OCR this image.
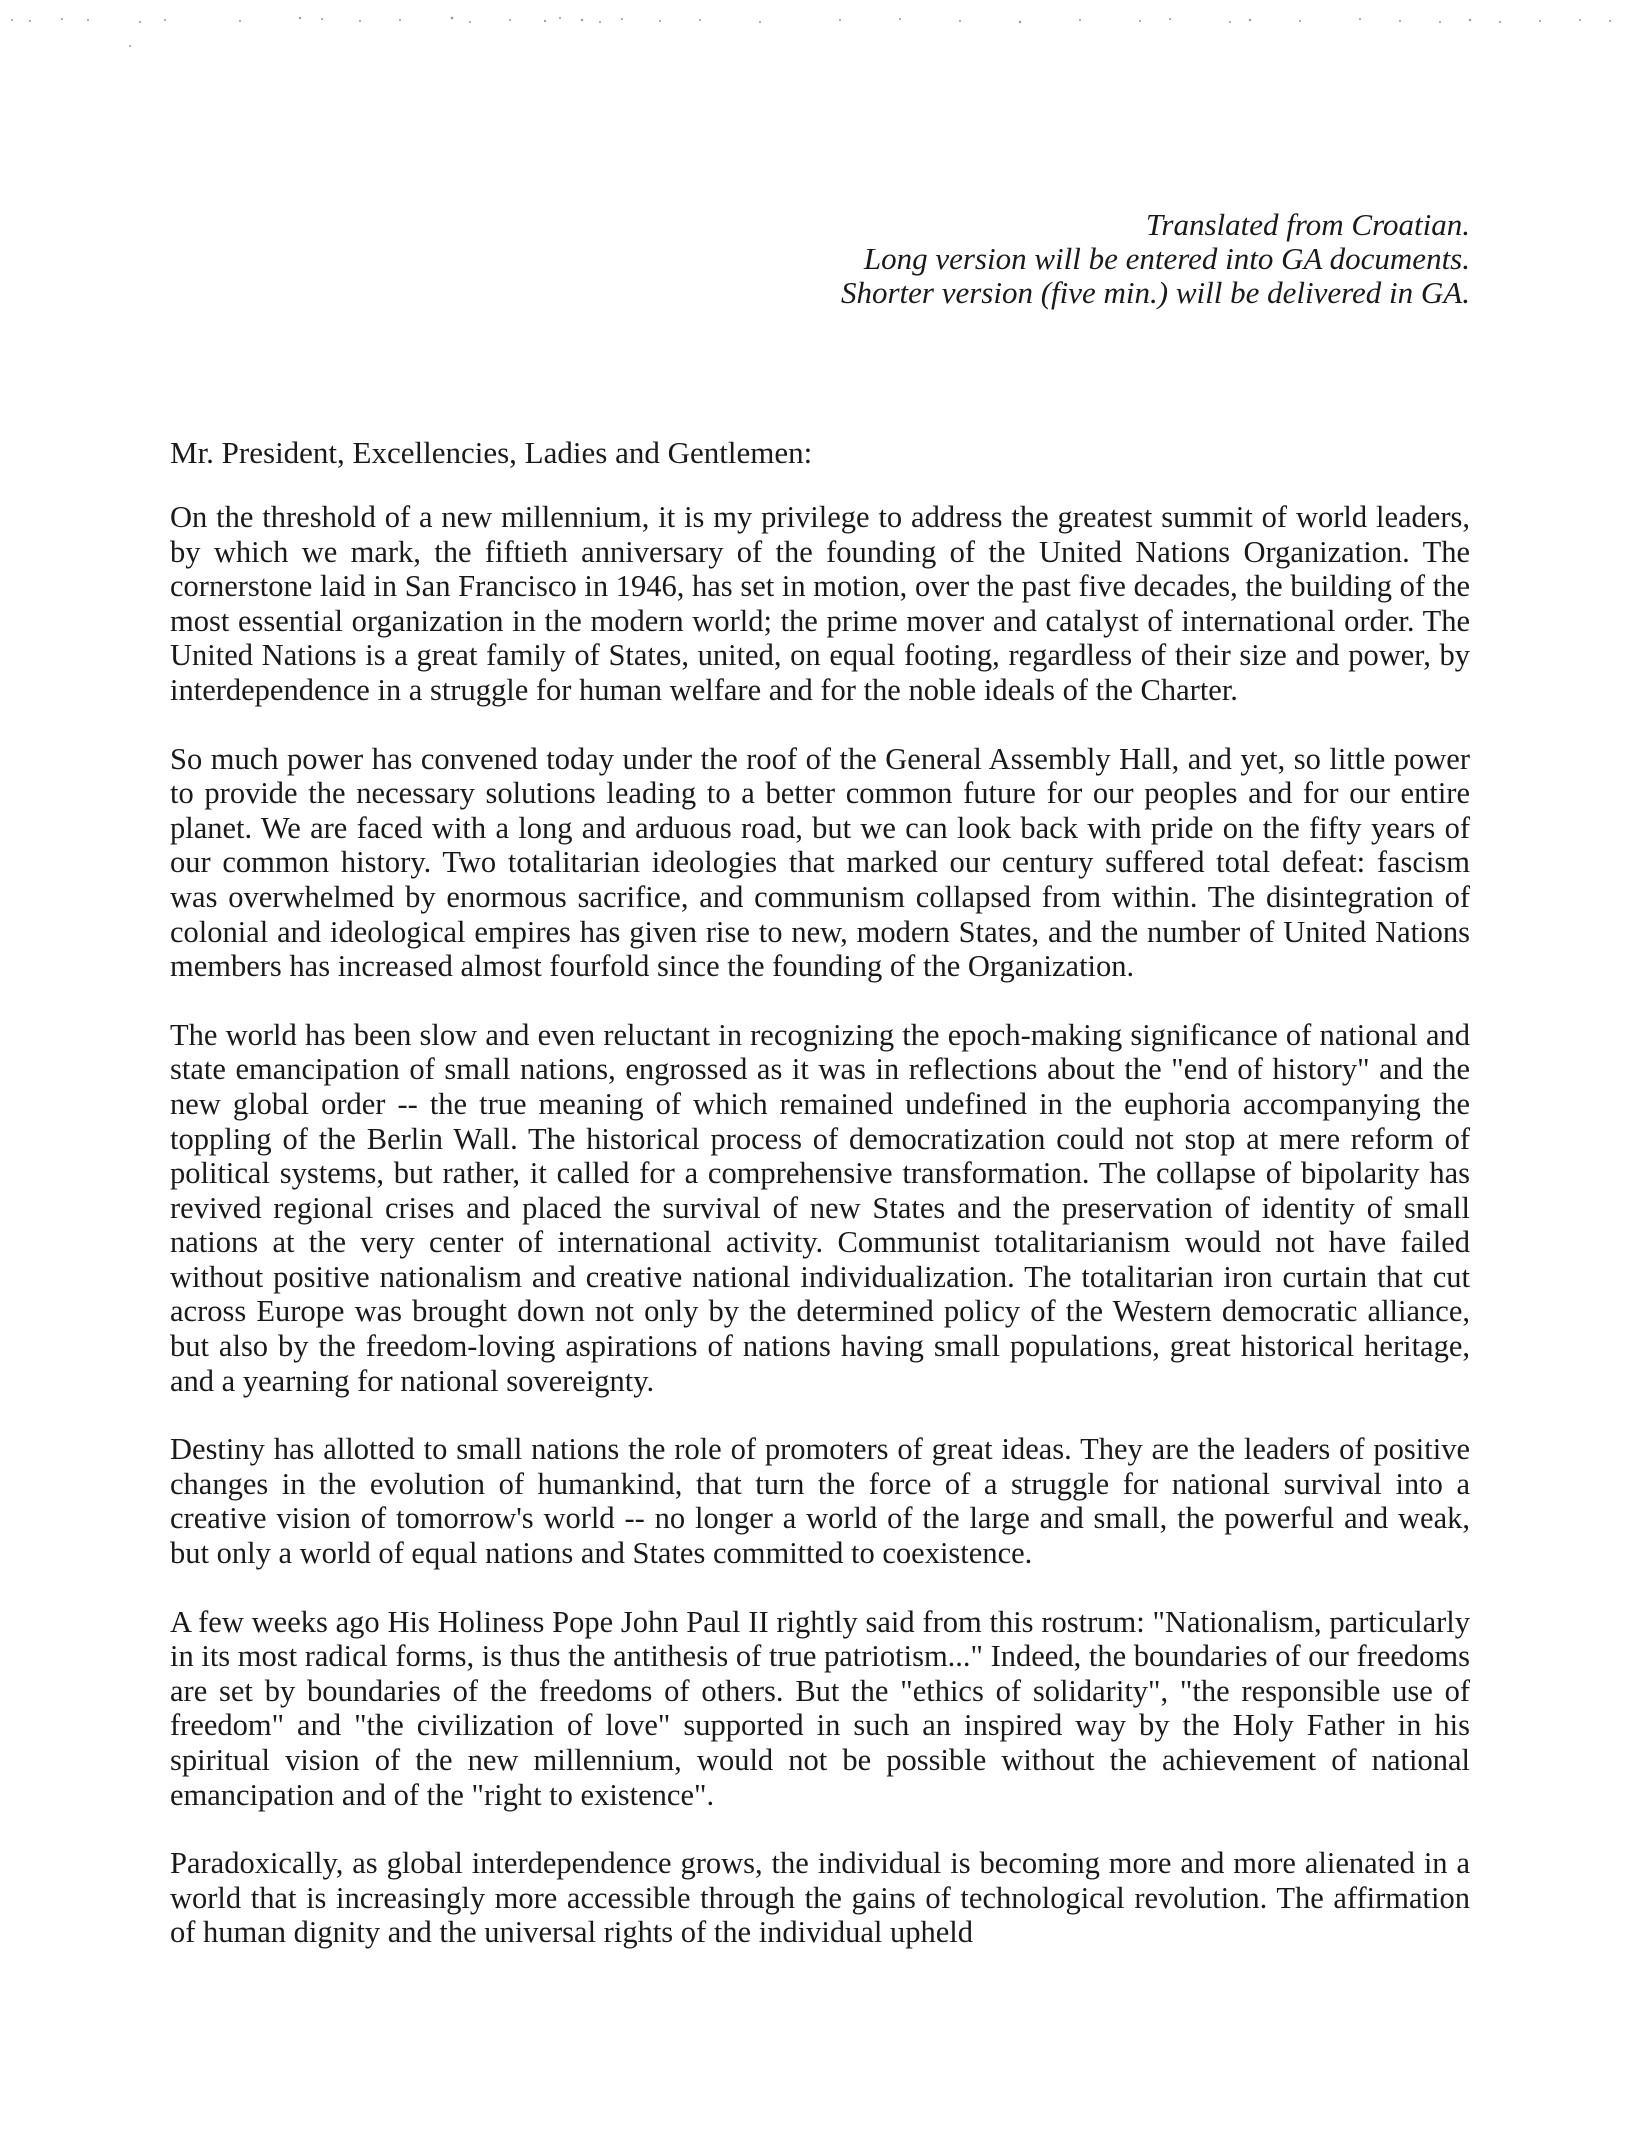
Translated from Croatian.
Long version will be entered into GA documents.
Shorter version (five min.) will be delivered in GA.
Mr. President, Excellencies, Ladies and Gentlemen:

On the threshold of a new millennium, it is my privilege to address the greatest summit of world leaders, by which we mark, the fiftieth anniversary of the founding of the United Nations Organization. The cornerstone laid in San Francisco in 1946, has set in motion, over the past five decades, the building of the most essential organization in the modern world; the prime mover and catalyst of international order. The United Nations is a great family of States, united, on equal footing, regardless of their size and power, by interdependence in a struggle for human welfare and for the noble ideals of the Charter.

So much power has convened today under the roof of the General Assembly Hall, and yet, so little power to provide the necessary solutions leading to a better common future for our peoples and for our entire planet. We are faced with a long and arduous road, but we can look back with pride on the fifty years of our common history. Two totalitarian ideologies that marked our century suffered total defeat: fascism was overwhelmed by enormous sacrifice, and communism collapsed from within. The disintegration of colonial and ideological empires has given rise to new, modern States, and the number of United Nations members has increased almost fourfold since the founding of the Organization.

The world has been slow and even reluctant in recognizing the epoch-making significance of national and state emancipation of small nations, engrossed as it was in reflections about the "end of history" and the new global order -- the true meaning of which remained undefined in the euphoria accompanying the toppling of the Berlin Wall. The historical process of democratization could not stop at mere reform of political systems, but rather, it called for a comprehensive transformation. The collapse of bipolarity has revived regional crises and placed the survival of new States and the preservation of identity of small nations at the very center of international activity. Communist totalitarianism would not have failed without positive nationalism and creative national individualization. The totalitarian iron curtain that cut across Europe was brought down not only by the determined policy of the Western democratic alliance, but also by the freedom-loving aspirations of nations having small populations, great historical heritage, and a yearning for national sovereignty.

Destiny has allotted to small nations the role of promoters of great ideas. They are the leaders of positive changes in the evolution of humankind, that turn the force of a struggle for national survival into a creative vision of tomorrow's world -- no longer a world of the large and small, the powerful and weak, but only a world of equal nations and States committed to coexistence.

A few weeks ago His Holiness Pope John Paul II rightly said from this rostrum: "Nationalism, particularly in its most radical forms, is thus the antithesis of true patriotism..." Indeed, the boundaries of our freedoms are set by boundaries of the freedoms of others. But the "ethics of solidarity", "the responsible use of freedom" and "the civilization of love" supported in such an inspired way by the Holy Father in his spiritual vision of the new millennium, would not be possible without the achievement of national emancipation and of the "right to existence".

Paradoxically, as global interdependence grows, the individual is becoming more and more alienated in a world that is increasingly more accessible through the gains of technological revolution. The affirmation of human dignity and the universal rights of the individual upheld
